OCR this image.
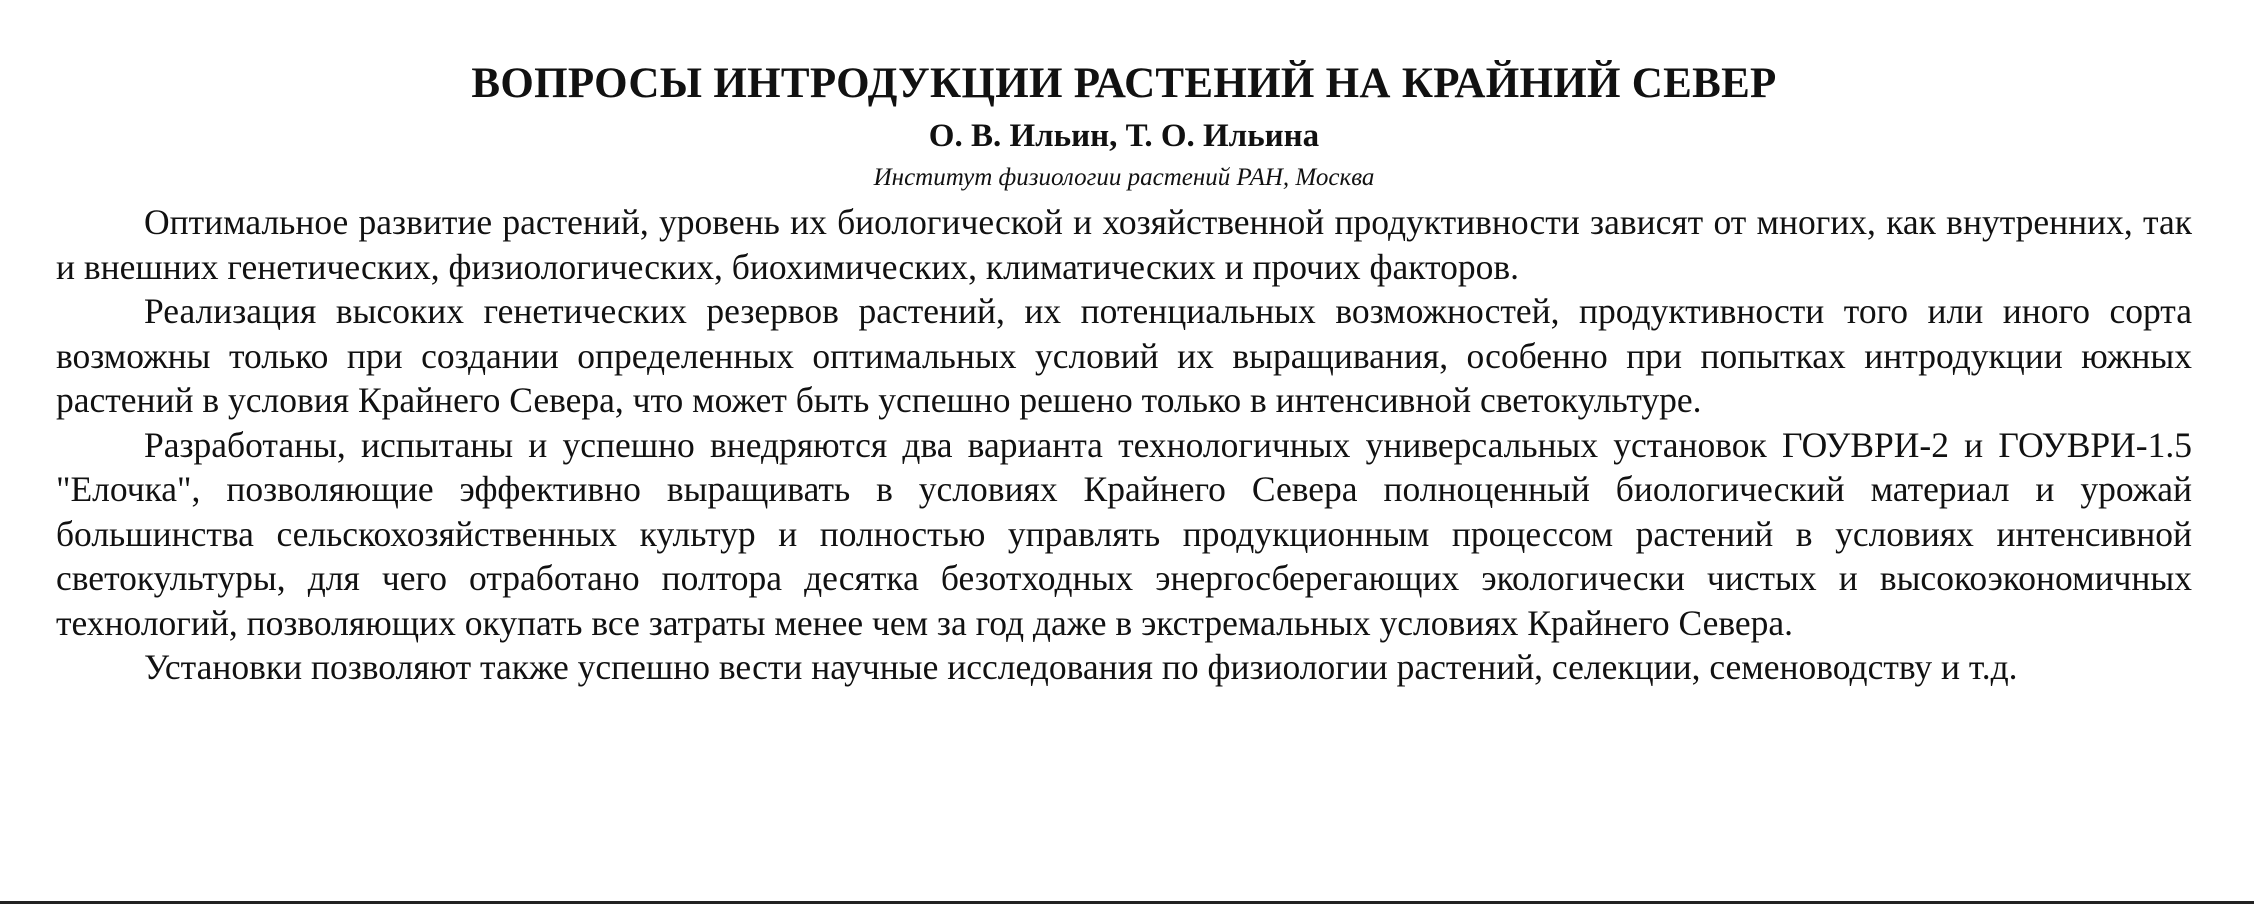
ВОПРОСЫ ИНТРОДУКЦИИ РАСТЕНИЙ НА КРАЙНИЙ СЕВЕР

О. В. Ильин, Т. О. Ильина

Институт физиологии растений РАН, Москва

Оптимальное развитие растений, уровень их биологической и хозяйственной продуктивности зависят от многих, как внутренних, так и внешних генетических, физиологических, биохимических, климатических и прочих факторов.

Реализация высоких генетических резервов растений, их потенциальных возможностей, продуктивности того или иного сорта возможны только при создании определенных оптимальных условий их выращивания, особенно при попытках интродукции южных растений в условия Крайнего Севера, что может быть успешно решено только в интенсивной светокультуре.

Разработаны, испытаны и успешно внедряются два варианта технологичных универсальных установок ГОУВРИ-2 и ГОУВРИ-1.5 "Елочка", позволяющие эффективно выращивать в условиях Крайнего Севера полноценный биологический материал и урожай большинства сельскохозяйственных культур и полностью управлять продукционным процессом растений в условиях интенсивной светокультуры, для чего отработано полтора десятка безотходных энергосберегающих экологически чистых и высокоэкономичных технологий, позволяющих окупать все затраты менее чем за год даже в экстремальных условиях Крайнего Севера.

Установки позволяют также успешно вести научные исследования по физиологии растений, селекции, семеноводству и т.д.
